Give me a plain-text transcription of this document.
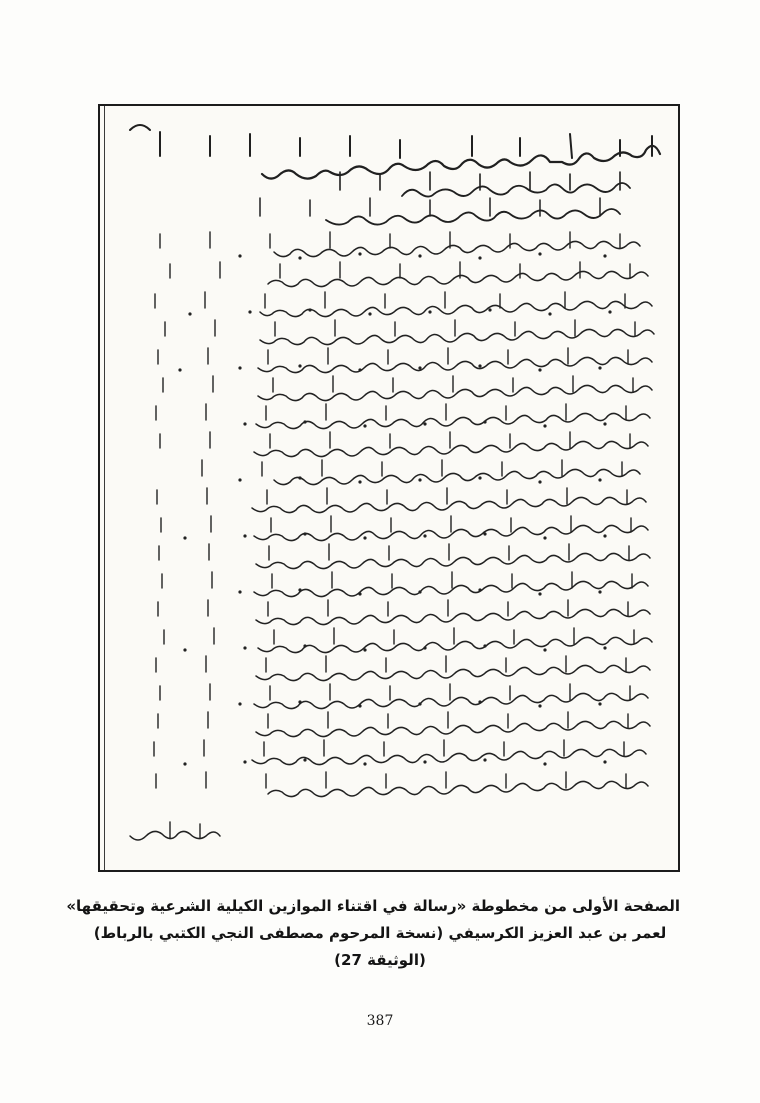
الصفحة الأولى من مخطوطة «رسالة في اقتناء الموازين الكيلية الشرعية وتحقيقها»
لعمر بن عبد العزيز الكرسيفي (نسخة المرحوم مصطفى النجي الكتبي بالرباط)
(الوثيقة 27)
387
